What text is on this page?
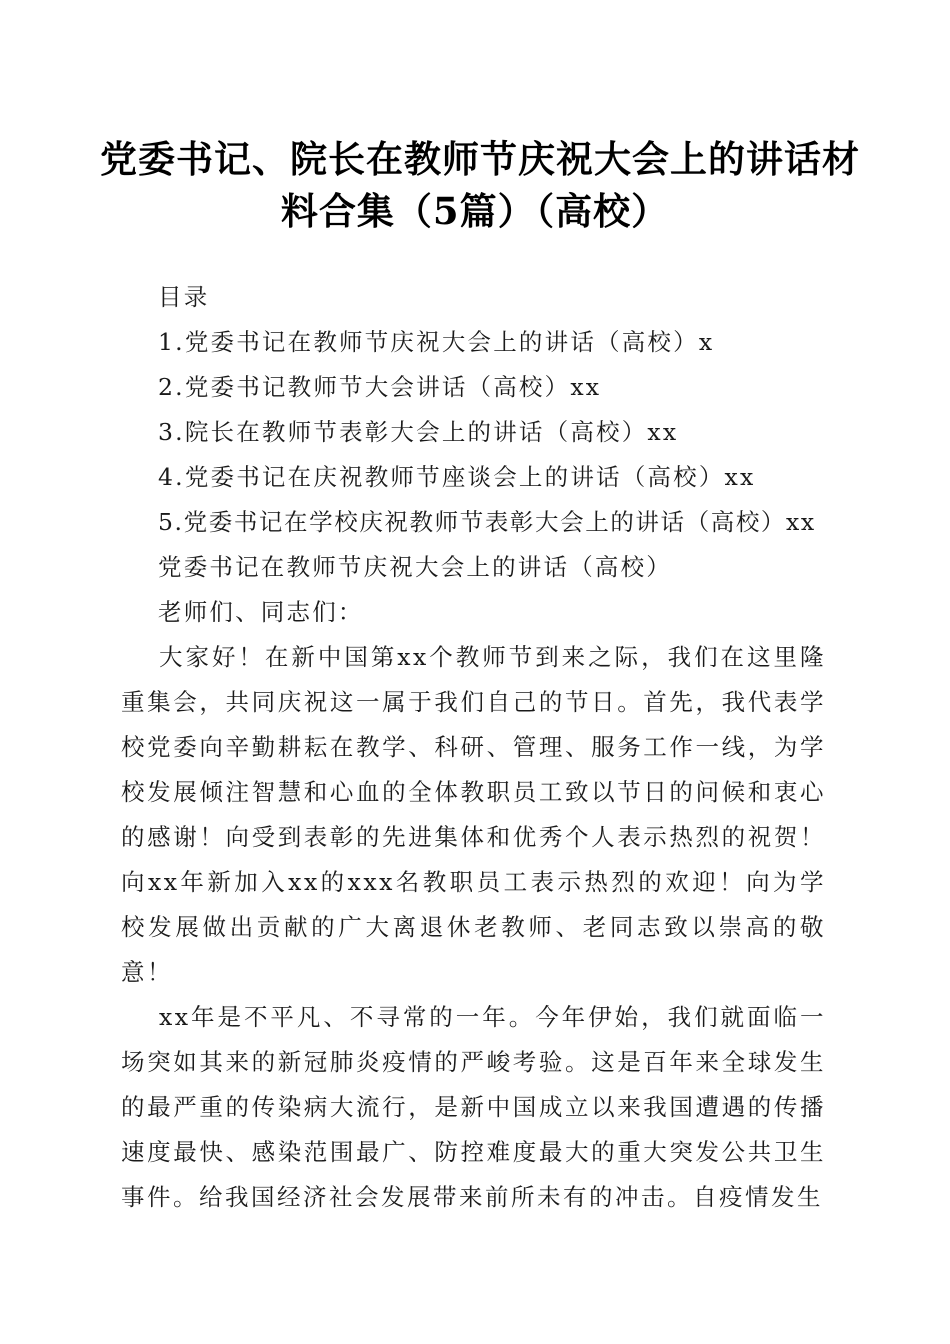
党委书记、院长在教师节庆祝大会上的讲话材
料合集（5篇）（高校）

目录

1.党委书记在教师节庆祝大会上的讲话（高校）x

2.党委书记教师节大会讲话（高校）xx

3.院长在教师节表彰大会上的讲话（高校）xx

4.党委书记在庆祝教师节座谈会上的讲话（高校）xx

5.党委书记在学校庆祝教师节表彰大会上的讲话（高校）xx

党委书记在教师节庆祝大会上的讲话（高校）

老师们、同志们：

大家好！在新中国第xx个教师节到来之际，我们在这里隆重集会，共同庆祝这一属于我们自己的节日。首先，我代表学校党委向辛勤耕耘在教学、科研、管理、服务工作一线，为学校发展倾注智慧和心血的全体教职员工致以节日的问候和衷心的感谢！向受到表彰的先进集体和优秀个人表示热烈的祝贺！向xx年新加入xx的xxx名教职员工表示热烈的欢迎！向为学校发展做出贡献的广大离退休老教师、老同志致以崇高的敬意！

xx年是不平凡、不寻常的一年。今年伊始，我们就面临一场突如其来的新冠肺炎疫情的严峻考验。这是百年来全球发生的最严重的传染病大流行，是新中国成立以来我国遭遇的传播速度最快、感染范围最广、防控难度最大的重大突发公共卫生事件。给我国经济社会发展带来前所未有的冲击。自疫情发生
